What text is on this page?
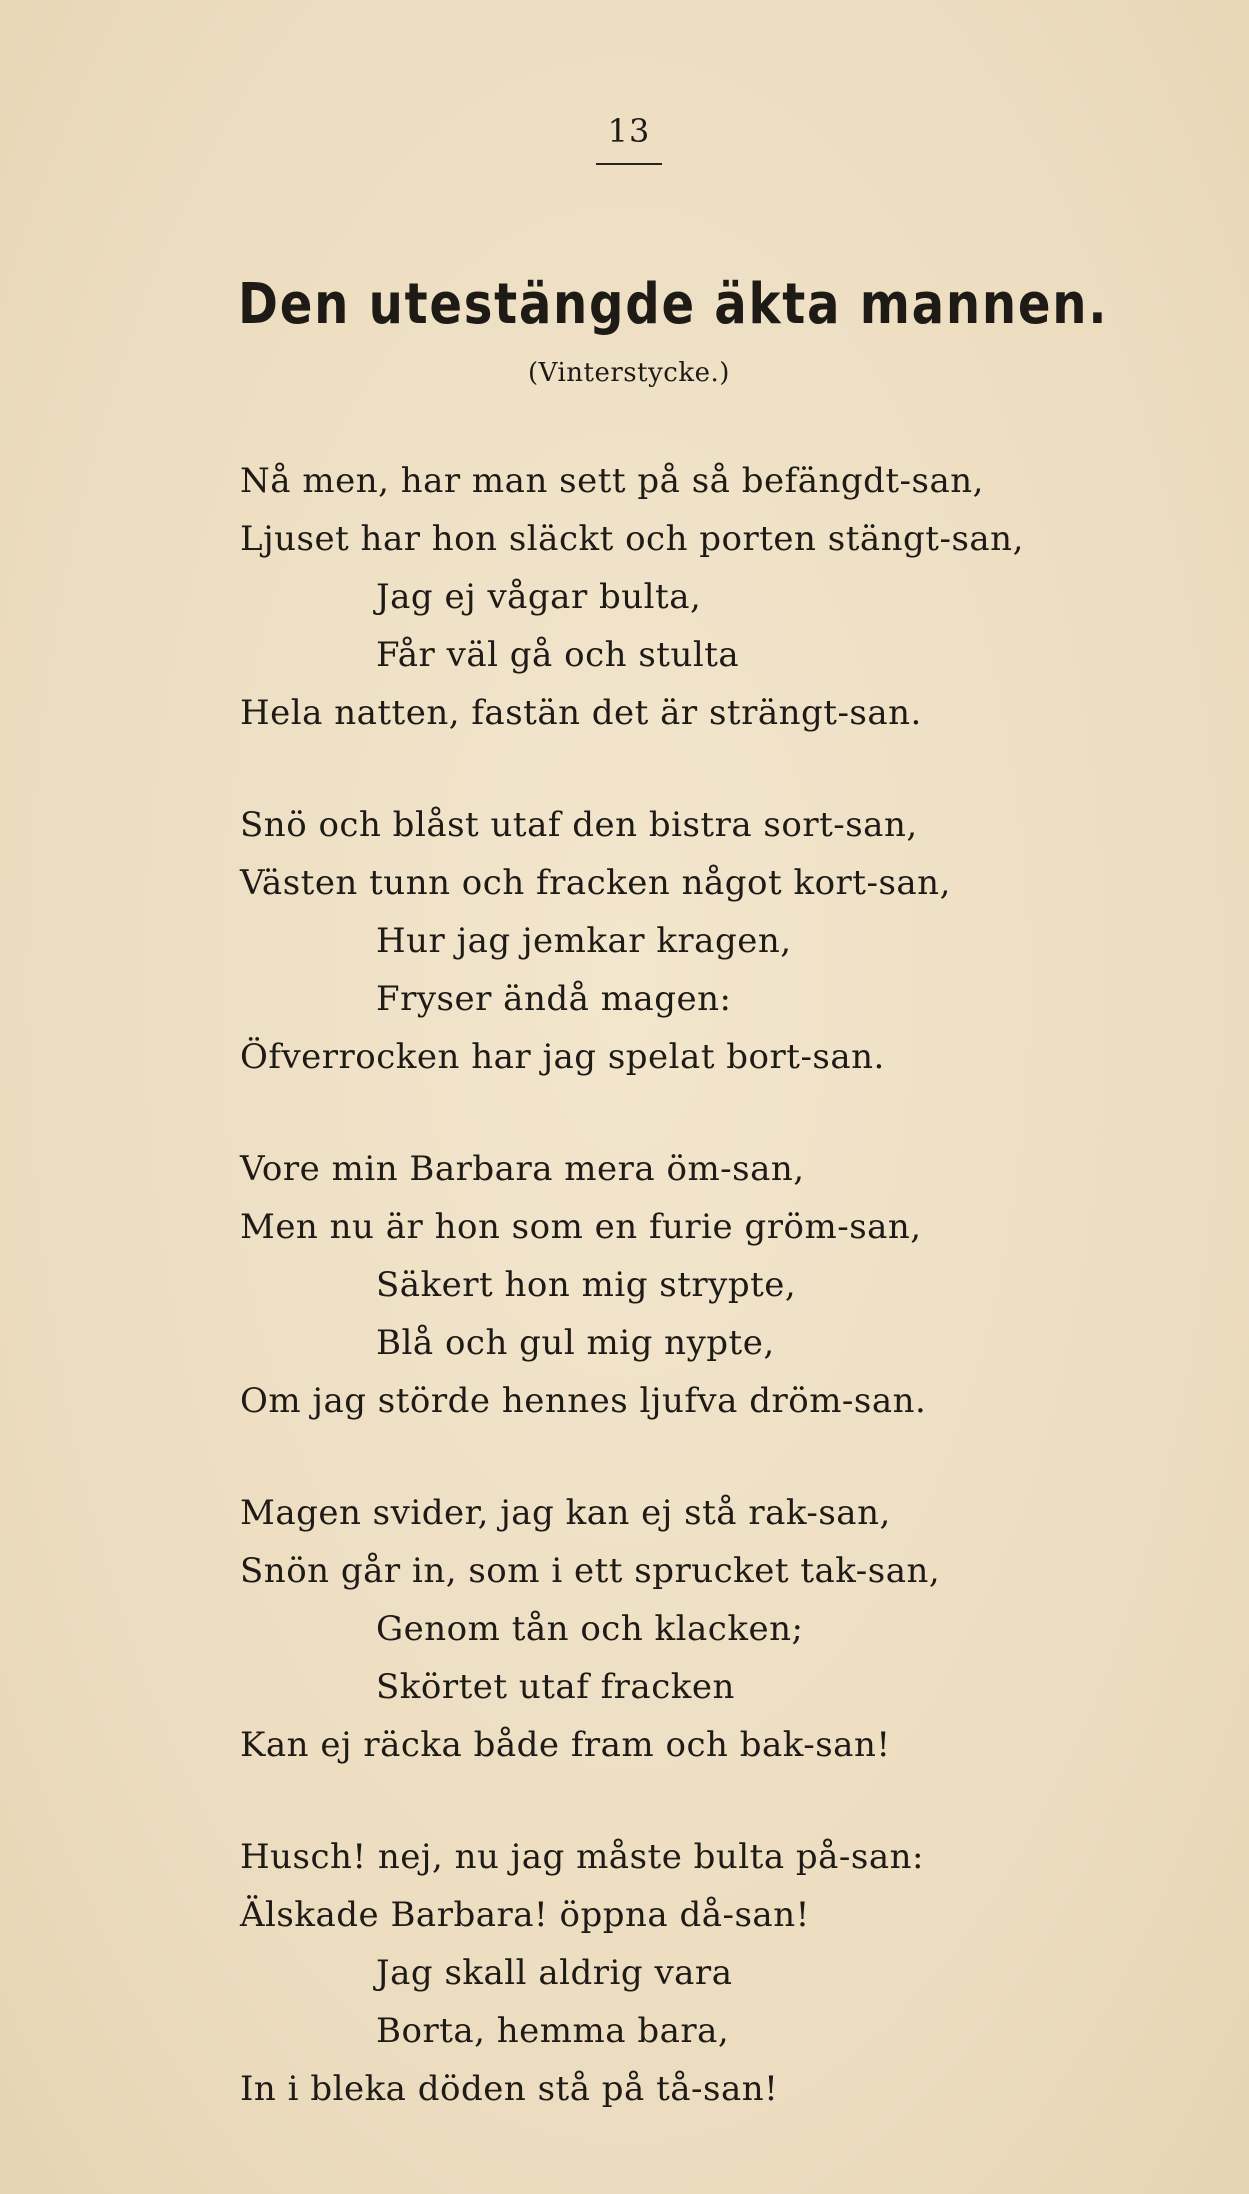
13
Den utestängde äkta mannen.
(Vinterstycke.)
Nå men, har man sett på så befängdt-san,
Ljuset har hon släckt och porten stängt-san,
Jag ej vågar bulta,
Får väl gå och stulta
Hela natten, fastän det är strängt-san.
Snö och blåst utaf den bistra sort-san,
Västen tunn och fracken något kort-san,
Hur jag jemkar kragen,
Fryser ändå magen:
Öfverrocken har jag spelat bort-san.
Vore min Barbara mera öm-san,
Men nu är hon som en furie gröm-san,
Säkert hon mig strypte,
Blå och gul mig nypte,
Om jag störde hennes ljufva dröm-san.
Magen svider, jag kan ej stå rak-san,
Snön går in, som i ett sprucket tak-san,
Genom tån och klacken;
Skörtet utaf fracken
Kan ej räcka både fram och bak-san!
Husch! nej, nu jag måste bulta på-san:
Älskade Barbara! öppna då-san!
Jag skall aldrig vara
Borta, hemma bara,
In i bleka döden stå på tå-san!
